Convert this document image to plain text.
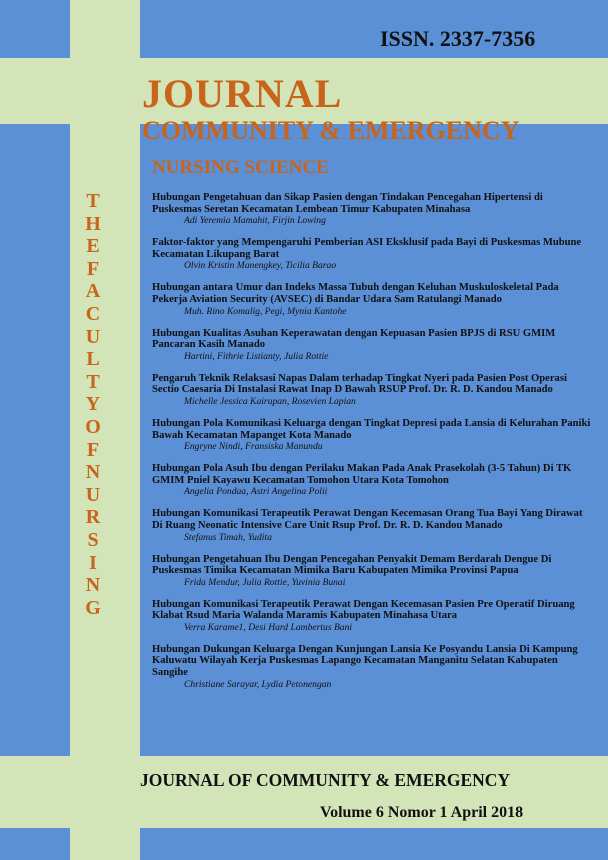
ISSN. 2337-7356
JOURNAL
COMMUNITY & EMERGENCY
NURSING SCIENCE
T
H
E
F
A
C
U
L
T
Y
O
F
N
U
R
S
I
N
G
Hubungan Pengetahuan dan Sikap Pasien dengan Tindakan Pencegahan Hipertensi di Puskesmas Seretan Kecamatan Lembean Timur Kabupaten Minahasa
Adi Yeremia Mamahit, Firjin Lowing
Faktor-faktor yang Mempengaruhi Pemberian ASI Eksklusif pada Bayi di Puskesmas Mubune Kecamatan Likupang Barat
Olvin Kristin Manengkey, Ticilia Barao
Hubungan antara Umur dan Indeks Massa Tubuh dengan Keluhan Muskuloskeletal Pada Pekerja Aviation Security (AVSEC) di Bandar Udara Sam Ratulangi Manado
Muh. Rino Komalig, Pegi, Mynia Kantohe
Hubungan Kualitas Asuhan Keperawatan dengan Kepuasan Pasien BPJS di RSU GMIM Pancaran Kasih Manado
Hartini, Fithrie Listianty, Julia Rottie
Pengaruh Teknik Relaksasi Napas Dalam terhadap Tingkat Nyeri pada Pasien Post Operasi Sectio Caesaria Di Instalasi Rawat Inap D Bawah RSUP Prof. Dr. R. D. Kandou Manado
Michelle Jessica Kairupan, Rosevien Lapian
Hubungan Pola Komunikasi Keluarga dengan Tingkat Depresi pada Lansia di Kelurahan Paniki Bawah Kecamatan Mapanget Kota Manado
Engryne Nindi, Fransiska Manundu
Hubungan Pola Asuh Ibu dengan Perilaku Makan Pada Anak Prasekolah (3-5 Tahun) Di TK GMIM Pniel Kayawu Kecamatan Tomohon Utara Kota Tomohon
Angelia Pondaa, Astri Angelina Polii
Hubungan Komunikasi Terapeutik Perawat Dengan Kecemasan Orang Tua Bayi Yang Dirawat Di Ruang Neonatic Intensive Care Unit Rsup Prof. Dr. R. D. Kandou Manado
Stefanus Timah, Yudita
Hubungan Pengetahuan Ibu Dengan Pencegahan Penyakit Demam Berdarah Dengue Di Puskesmas Timika Kecamatan Mimika Baru Kabupaten Mimika Provinsi Papua
Frida Mendur, Julia Rottie, Yuvinia Bunai
Hubungan Komunikasi Terapeutik Perawat Dengan Kecemasan Pasien Pre Operatif Diruang Klabat Rsud Maria Walanda Maramis Kabupaten Minahasa Utara
Verra Karame1, Desi Hard Lambertus Bani
Hubungan Dukungan Keluarga Dengan Kunjungan Lansia Ke Posyandu Lansia Di Kampung Kaluwatu Wilayah Kerja Puskesmas Lapango Kecamatan Manganitu Selatan Kabupaten Sangihe
Christiane Sarayar, Lydia Petonengan
JOURNAL OF COMMUNITY & EMERGENCY
Volume 6 Nomor 1 April 2018
